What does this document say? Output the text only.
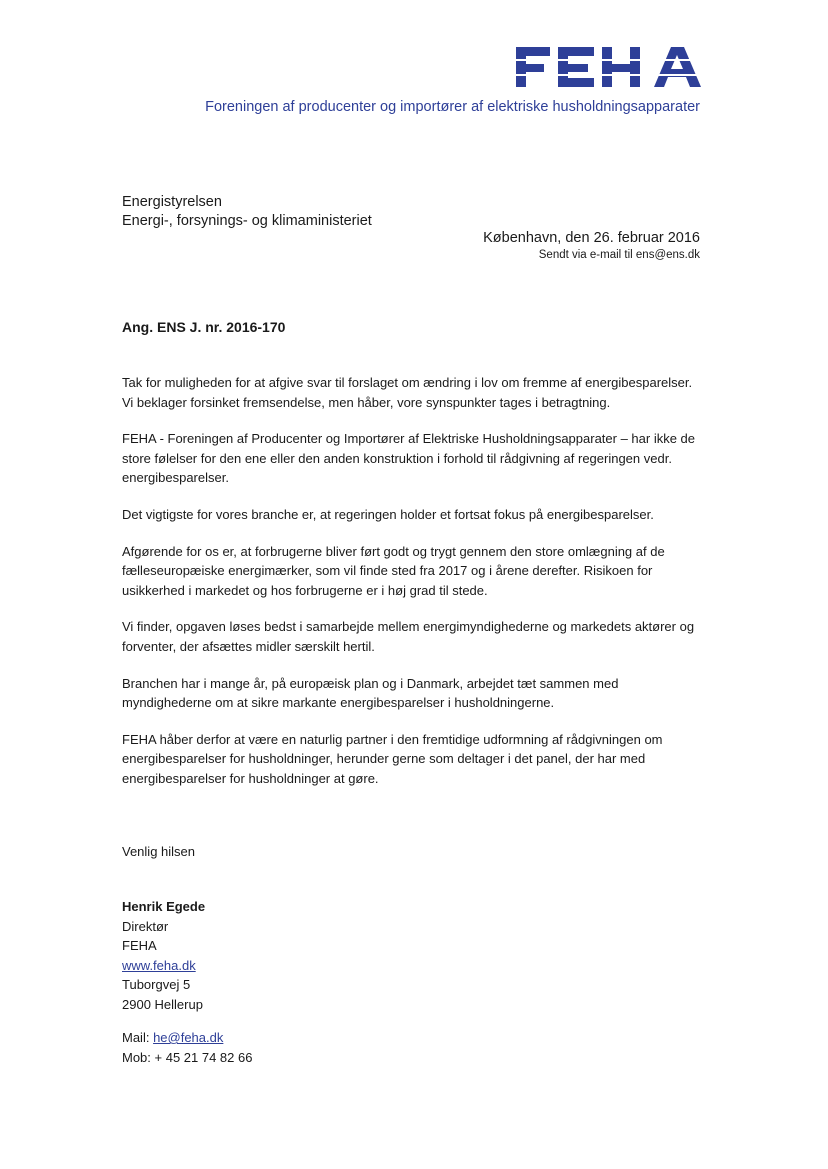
Foreningen af producenter og importører af elektriske husholdningsapparater
Energistyrelsen
Energi-, forsynings- og klimaministeriet
København, den 26. februar 2016
Sendt via e-mail til ens@ens.dk
Ang. ENS J. nr. 2016-170

Tak for muligheden for at afgive svar til forslaget om ændring i lov om fremme af energibesparelser. Vi beklager forsinket fremsendelse, men håber, vore synspunkter tages i betragtning.

FEHA - Foreningen af Producenter og Importører af Elektriske Husholdningsapparater – har ikke de store følelser for den ene eller den anden konstruktion i forhold til rådgivning af regeringen vedr. energibesparelser.

Det vigtigste for vores branche er, at regeringen holder et fortsat fokus på energibesparelser.

Afgørende for os er, at forbrugerne bliver ført godt og trygt gennem den store omlægning af de fælleseuropæiske energimærker, som vil finde sted fra 2017 og i årene derefter. Risikoen for usikkerhed i markedet og hos forbrugerne er i høj grad til stede.

Vi finder, opgaven løses bedst i samarbejde mellem energimyndighederne og markedets aktører og forventer, der afsættes midler særskilt hertil.

Branchen har i mange år, på europæisk plan og i Danmark, arbejdet tæt sammen med myndighederne om at sikre markante energibesparelser i husholdningerne.

FEHA håber derfor at være en naturlig partner i den fremtidige udformning af rådgivningen om energibesparelser for husholdninger, herunder gerne som deltager i det panel, der har med energibesparelser for husholdninger at gøre.

Venlig hilsen
Henrik Egede
Direktør
FEHA
www.feha.dk
Tuborgvej 5
2900 Hellerup
Mail: he@feha.dk
Mob: + 45 21 74 82 66
